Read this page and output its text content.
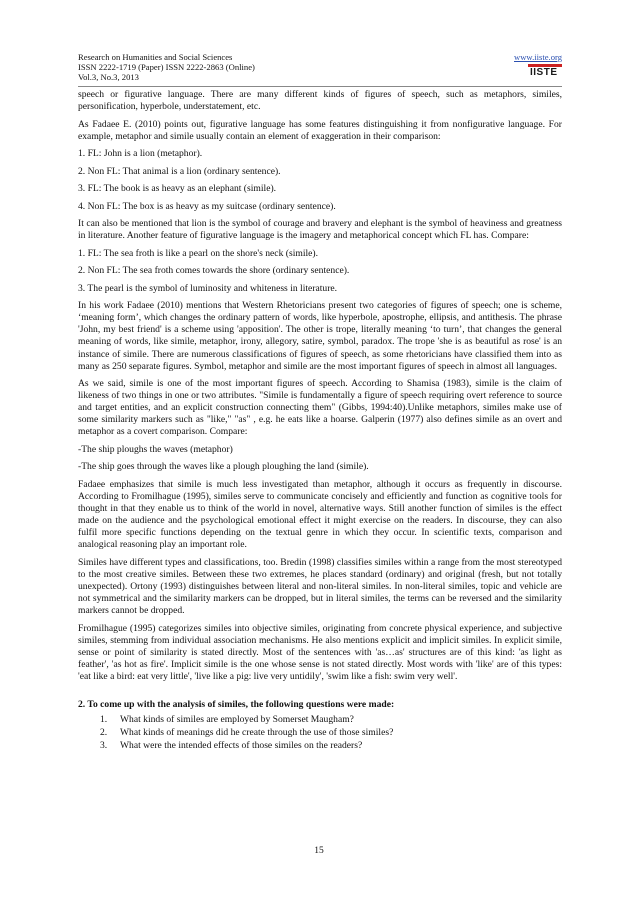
Research on Humanities and Social Sciences
ISSN 2222-1719 (Paper) ISSN 2222-2863 (Online)
Vol.3, No.3, 2013
www.iiste.org
IISTE

speech or figurative language. There are many different kinds of figures of speech, such as metaphors, similes, personification, hyperbole, understatement, etc.

As Fadaee E. (2010) points out, figurative language has some features distinguishing it from nonfigurative language. For example, metaphor and simile usually contain an element of exaggeration in their comparison:

1. FL: John is a lion (metaphor).

2. Non FL: That animal is a lion (ordinary sentence).

3. FL: The book is as heavy as an elephant (simile).

4. Non FL: The box is as heavy as my suitcase (ordinary sentence).

It can also be mentioned that lion is the symbol of courage and bravery and elephant is the symbol of heaviness and greatness in literature. Another feature of figurative language is the imagery and metaphorical concept which FL has. Compare:

1. FL: The sea froth is like a pearl on the shore's neck (simile).

2. Non FL: The sea froth comes towards the shore (ordinary sentence).

3. The pearl is the symbol of luminosity and whiteness in literature.

In his work Fadaee (2010) mentions that Western Rhetoricians present two categories of figures of speech; one is scheme, ‘meaning form’, which changes the ordinary pattern of words, like hyperbole, apostrophe, ellipsis, and antithesis. The phrase 'John, my best friend' is a scheme using 'apposition'. The other is trope, literally meaning ‘to turn’, that changes the general meaning of words, like simile, metaphor, irony, allegory, satire, symbol, paradox. The trope 'she is as beautiful as rose' is an instance of simile. There are numerous classifications of figures of speech, as some rhetoricians have classified them into as many as 250 separate figures. Symbol, metaphor and simile are the most important figures of speech in almost all languages.

As we said, simile is one of the most important figures of speech. According to Shamisa (1983), simile is the claim of likeness of two things in one or two attributes. "Simile is fundamentally a figure of speech requiring overt reference to source and target entities, and an explicit construction connecting them" (Gibbs, 1994:40).Unlike metaphors, similes make use of some similarity markers such as "like," "as" , e.g. he eats like a hoarse. Galperin (1977) also defines simile as an overt and metaphor as a covert comparison. Compare:

-The ship ploughs the waves (metaphor)

-The ship goes through the waves like a plough ploughing the land (simile).

Fadaee emphasizes that simile is much less investigated than metaphor, although it occurs as frequently in discourse. According to Fromilhague (1995), similes serve to communicate concisely and efficiently and function as cognitive tools for thought in that they enable us to think of the world in novel, alternative ways. Still another function of similes is the effect made on the audience and the psychological emotional effect it might exercise on the readers. In discourse, they can also fulfil more specific functions depending on the textual genre in which they occur. In scientific texts, comparison and analogical reasoning play an important role.

Similes have different types and classifications, too. Bredin (1998) classifies similes within a range from the most stereotyped to the most creative similes. Between these two extremes, he places standard (ordinary) and original (fresh, but not totally unexpected). Ortony (1993) distinguishes between literal and non-literal similes. In non-literal similes, topic and vehicle are not symmetrical and the similarity markers can be dropped, but in literal similes, the terms can be reversed and the similarity markers cannot be dropped.

Fromilhague (1995) categorizes similes into objective similes, originating from concrete physical experience, and subjective similes, stemming from individual association mechanisms. He also mentions explicit and implicit similes. In explicit simile, sense or point of similarity is stated directly. Most of the sentences with 'as…as' structures are of this kind: 'as light as feather', 'as hot as fire'. Implicit simile is the one whose sense is not stated directly. Most words with 'like' are of this types: 'eat like a bird: eat very little', 'live like a pig: live very untidily', 'swim like a fish: swim very well'.

2. To come up with the analysis of similes, the following questions were made:

1.	What kinds of similes are employed by Somerset Maugham?
2.	What kinds of meanings did he create through the use of those similes?
3.	What were the intended effects of those similes on the readers?
15
